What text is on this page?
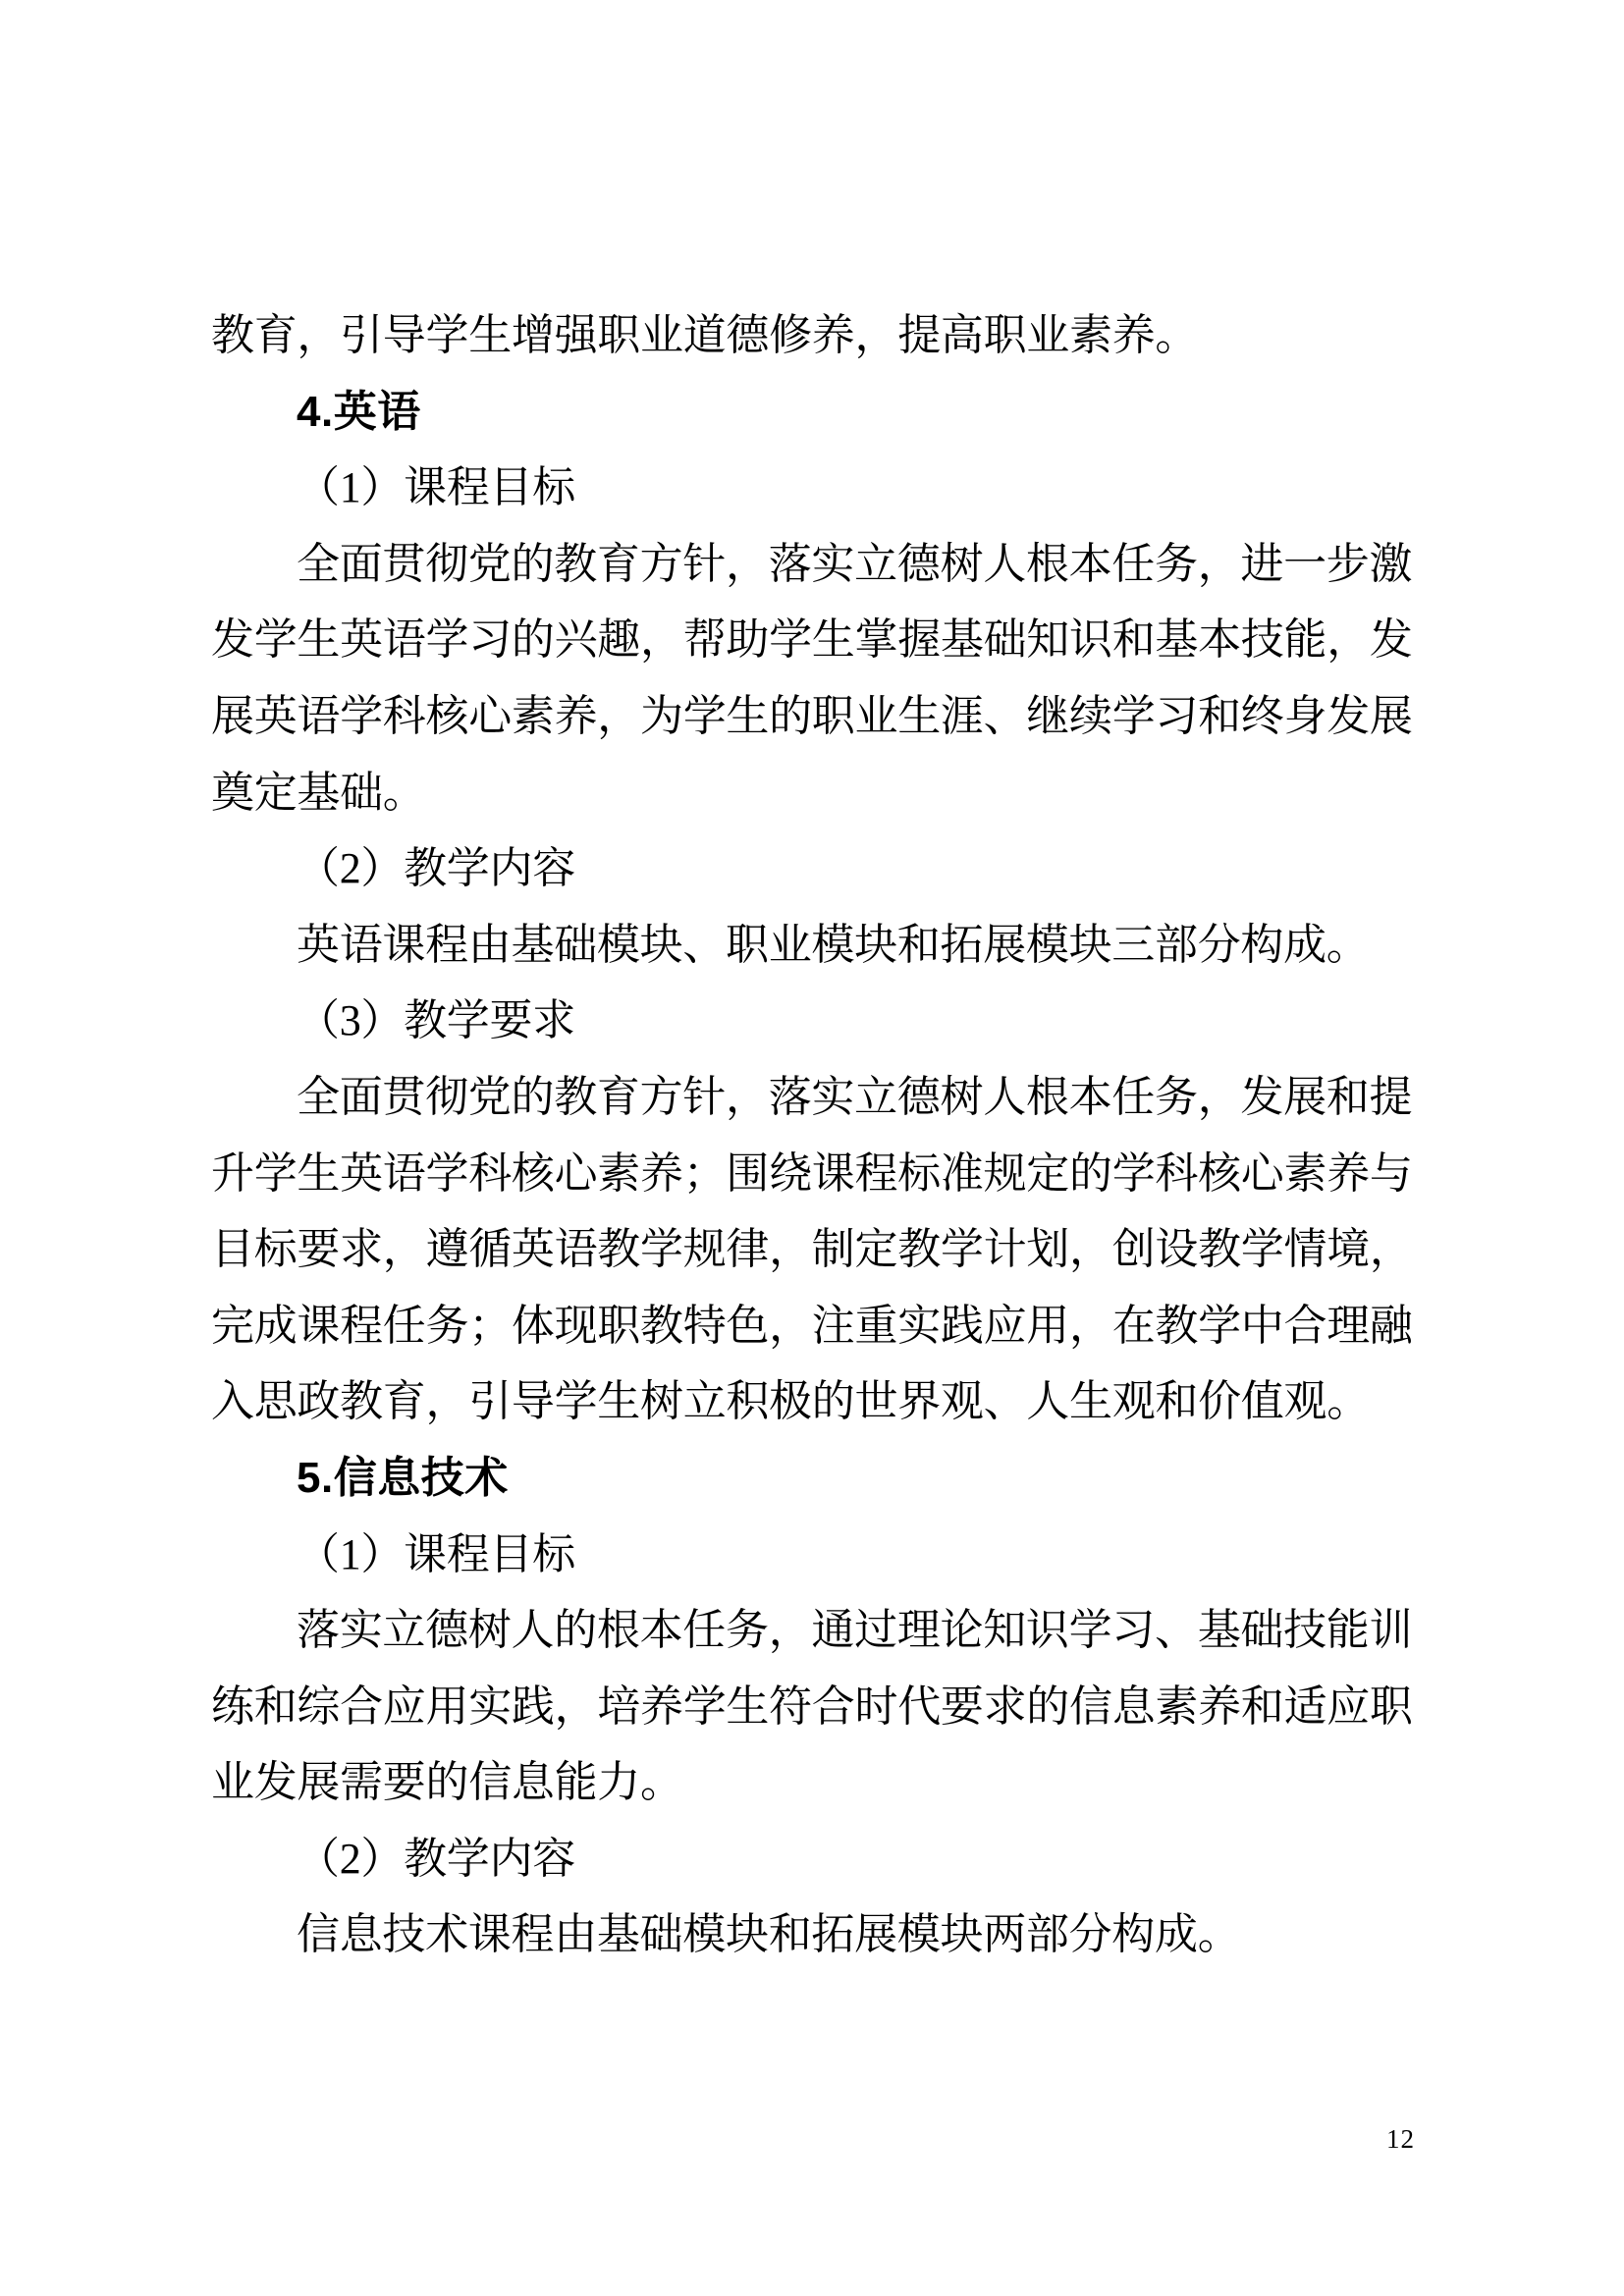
教育，引导学生增强职业道德修养，提高职业素养。
4.英语
（1）课程目标
全面贯彻党的教育方针，落实立德树人根本任务，进一步激
发学生英语学习的兴趣，帮助学生掌握基础知识和基本技能，发
展英语学科核心素养，为学生的职业生涯、继续学习和终身发展
奠定基础。
（2）教学内容
英语课程由基础模块、职业模块和拓展模块三部分构成。
（3）教学要求
全面贯彻党的教育方针，落实立德树人根本任务，发展和提
升学生英语学科核心素养；围绕课程标准规定的学科核心素养与
目标要求，遵循英语教学规律，制定教学计划，创设教学情境，
完成课程任务；体现职教特色，注重实践应用，在教学中合理融
入思政教育，引导学生树立积极的世界观、人生观和价值观。
5.信息技术
（1）课程目标
落实立德树人的根本任务，通过理论知识学习、基础技能训
练和综合应用实践，培养学生符合时代要求的信息素养和适应职
业发展需要的信息能力。
（2）教学内容
信息技术课程由基础模块和拓展模块两部分构成。
12
